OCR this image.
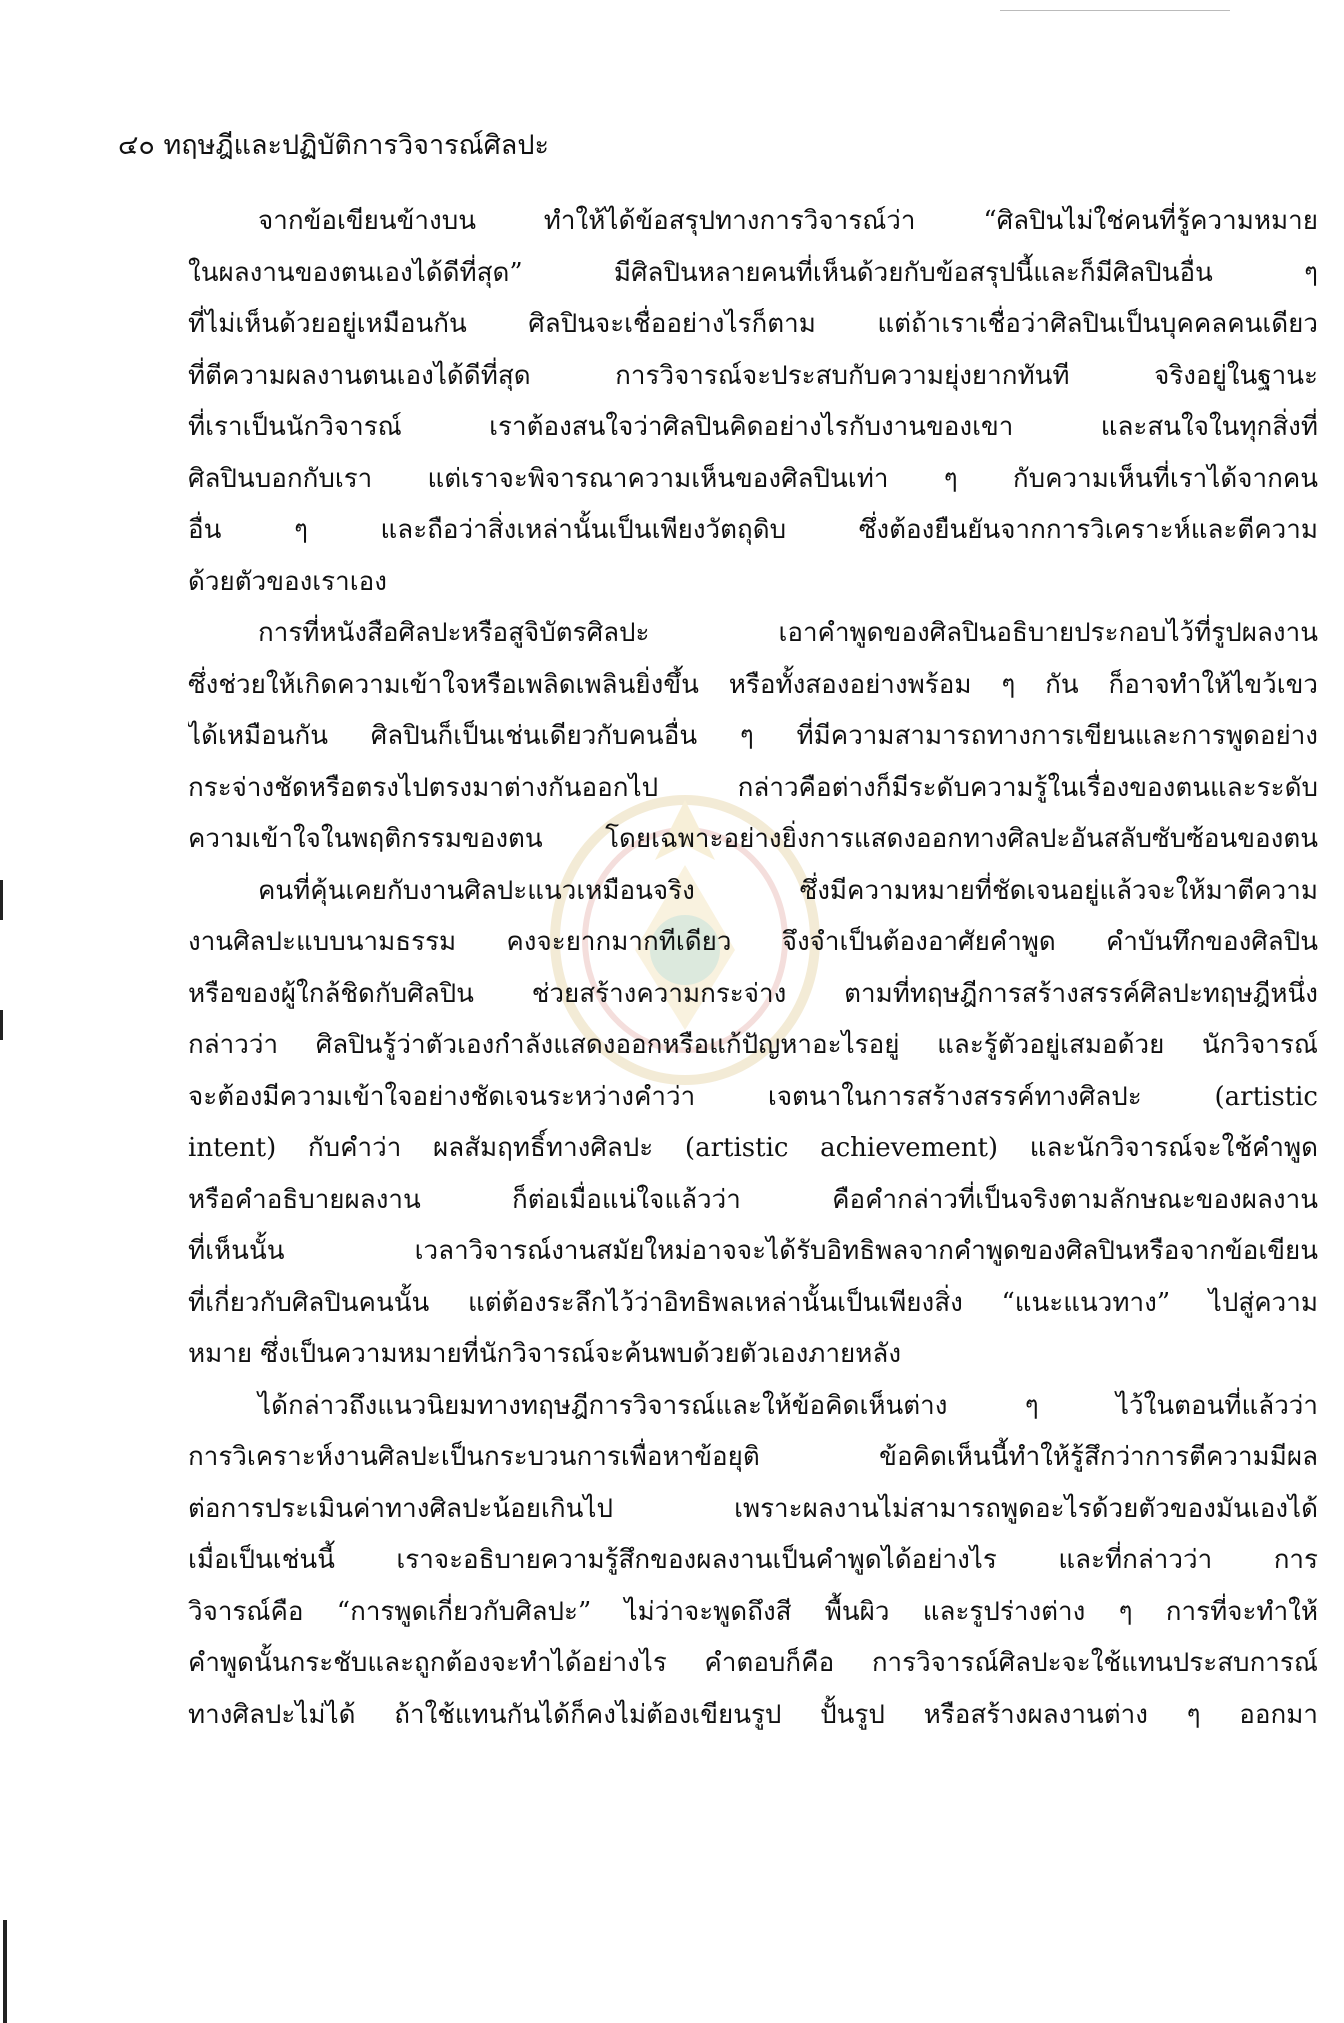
๔๐ ทฤษฎีและปฏิบัติการวิจารณ์ศิลปะ
จากข้อเขียนข้างบน ทำให้ได้ข้อสรุปทางการวิจารณ์ว่า “ศิลปินไม่ใช่คนที่รู้ความหมาย
ในผลงานของตนเองได้ดีที่สุด” มีศิลปินหลายคนที่เห็นด้วยกับข้อสรุปนี้และก็มีศิลปินอื่น ๆ
ที่ไม่เห็นด้วยอยู่เหมือนกัน ศิลปินจะเชื่ออย่างไรก็ตาม แต่ถ้าเราเชื่อว่าศิลปินเป็นบุคคลคนเดียว
ที่ตีความผลงานตนเองได้ดีที่สุด การวิจารณ์จะประสบกับความยุ่งยากทันที จริงอยู่ในฐานะ
ที่เราเป็นนักวิจารณ์ เราต้องสนใจว่าศิลปินคิดอย่างไรกับงานของเขา และสนใจในทุกสิ่งที่
ศิลปินบอกกับเรา แต่เราจะพิจารณาความเห็นของศิลปินเท่า ๆ กับความเห็นที่เราได้จากคน
อื่น ๆ และถือว่าสิ่งเหล่านั้นเป็นเพียงวัตถุดิบ ซึ่งต้องยืนยันจากการวิเคราะห์และตีความ
ด้วยตัวของเราเอง
การที่หนังสือศิลปะหรือสูจิบัตรศิลปะ เอาคำพูดของศิลปินอธิบายประกอบไว้ที่รูปผลงาน
ซึ่งช่วยให้เกิดความเข้าใจหรือเพลิดเพลินยิ่งขึ้น หรือทั้งสองอย่างพร้อม ๆ กัน ก็อาจทำให้ไขว้เขว
ได้เหมือนกัน ศิลปินก็เป็นเช่นเดียวกับคนอื่น ๆ ที่มีความสามารถทางการเขียนและการพูดอย่าง
กระจ่างชัดหรือตรงไปตรงมาต่างกันออกไป กล่าวคือต่างก็มีระดับความรู้ในเรื่องของตนและระดับ
ความเข้าใจในพฤติกรรมของตน โดยเฉพาะอย่างยิ่งการแสดงออกทางศิลปะอันสลับซับซ้อนของตน
คนที่คุ้นเคยกับงานศิลปะแนวเหมือนจริง ซึ่งมีความหมายที่ชัดเจนอยู่แล้วจะให้มาตีความ
งานศิลปะแบบนามธรรม คงจะยากมากทีเดียว จึงจำเป็นต้องอาศัยคำพูด คำบันทึกของศิลปิน
หรือของผู้ใกล้ชิดกับศิลปิน ช่วยสร้างความกระจ่าง ตามที่ทฤษฎีการสร้างสรรค์ศิลปะทฤษฎีหนึ่ง
กล่าวว่า ศิลปินรู้ว่าตัวเองกำลังแสดงออกหรือแก้ปัญหาอะไรอยู่ และรู้ตัวอยู่เสมอด้วย นักวิจารณ์
จะต้องมีความเข้าใจอย่างชัดเจนระหว่างคำว่า เจตนาในการสร้างสรรค์ทางศิลปะ (artistic
intent) กับคำว่า ผลสัมฤทธิ์ทางศิลปะ (artistic achievement) และนักวิจารณ์จะใช้คำพูด
หรือคำอธิบายผลงาน ก็ต่อเมื่อแน่ใจแล้วว่า คือคำกล่าวที่เป็นจริงตามลักษณะของผลงาน
ที่เห็นนั้น เวลาวิจารณ์งานสมัยใหม่อาจจะได้รับอิทธิพลจากคำพูดของศิลปินหรือจากข้อเขียน
ที่เกี่ยวกับศิลปินคนนั้น แต่ต้องระลึกไว้ว่าอิทธิพลเหล่านั้นเป็นเพียงสิ่ง “แนะแนวทาง” ไปสู่ความ
หมาย ซึ่งเป็นความหมายที่นักวิจารณ์จะค้นพบด้วยตัวเองภายหลัง
ได้กล่าวถึงแนวนิยมทางทฤษฎีการวิจารณ์และให้ข้อคิดเห็นต่าง ๆ ไว้ในตอนที่แล้วว่า
การวิเคราะห์งานศิลปะเป็นกระบวนการเพื่อหาข้อยุติ ข้อคิดเห็นนี้ทำให้รู้สึกว่าการตีความมีผล
ต่อการประเมินค่าทางศิลปะน้อยเกินไป เพราะผลงานไม่สามารถพูดอะไรด้วยตัวของมันเองได้
เมื่อเป็นเช่นนี้ เราจะอธิบายความรู้สึกของผลงานเป็นคำพูดได้อย่างไร และที่กล่าวว่า การ
วิจารณ์คือ “การพูดเกี่ยวกับศิลปะ” ไม่ว่าจะพูดถึงสี พื้นผิว และรูปร่างต่าง ๆ การที่จะทำให้
คำพูดนั้นกระชับและถูกต้องจะทำได้อย่างไร คำตอบก็คือ การวิจารณ์ศิลปะจะใช้แทนประสบการณ์
ทางศิลปะไม่ได้ ถ้าใช้แทนกันได้ก็คงไม่ต้องเขียนรูป ปั้นรูป หรือสร้างผลงานต่าง ๆ ออกมา
